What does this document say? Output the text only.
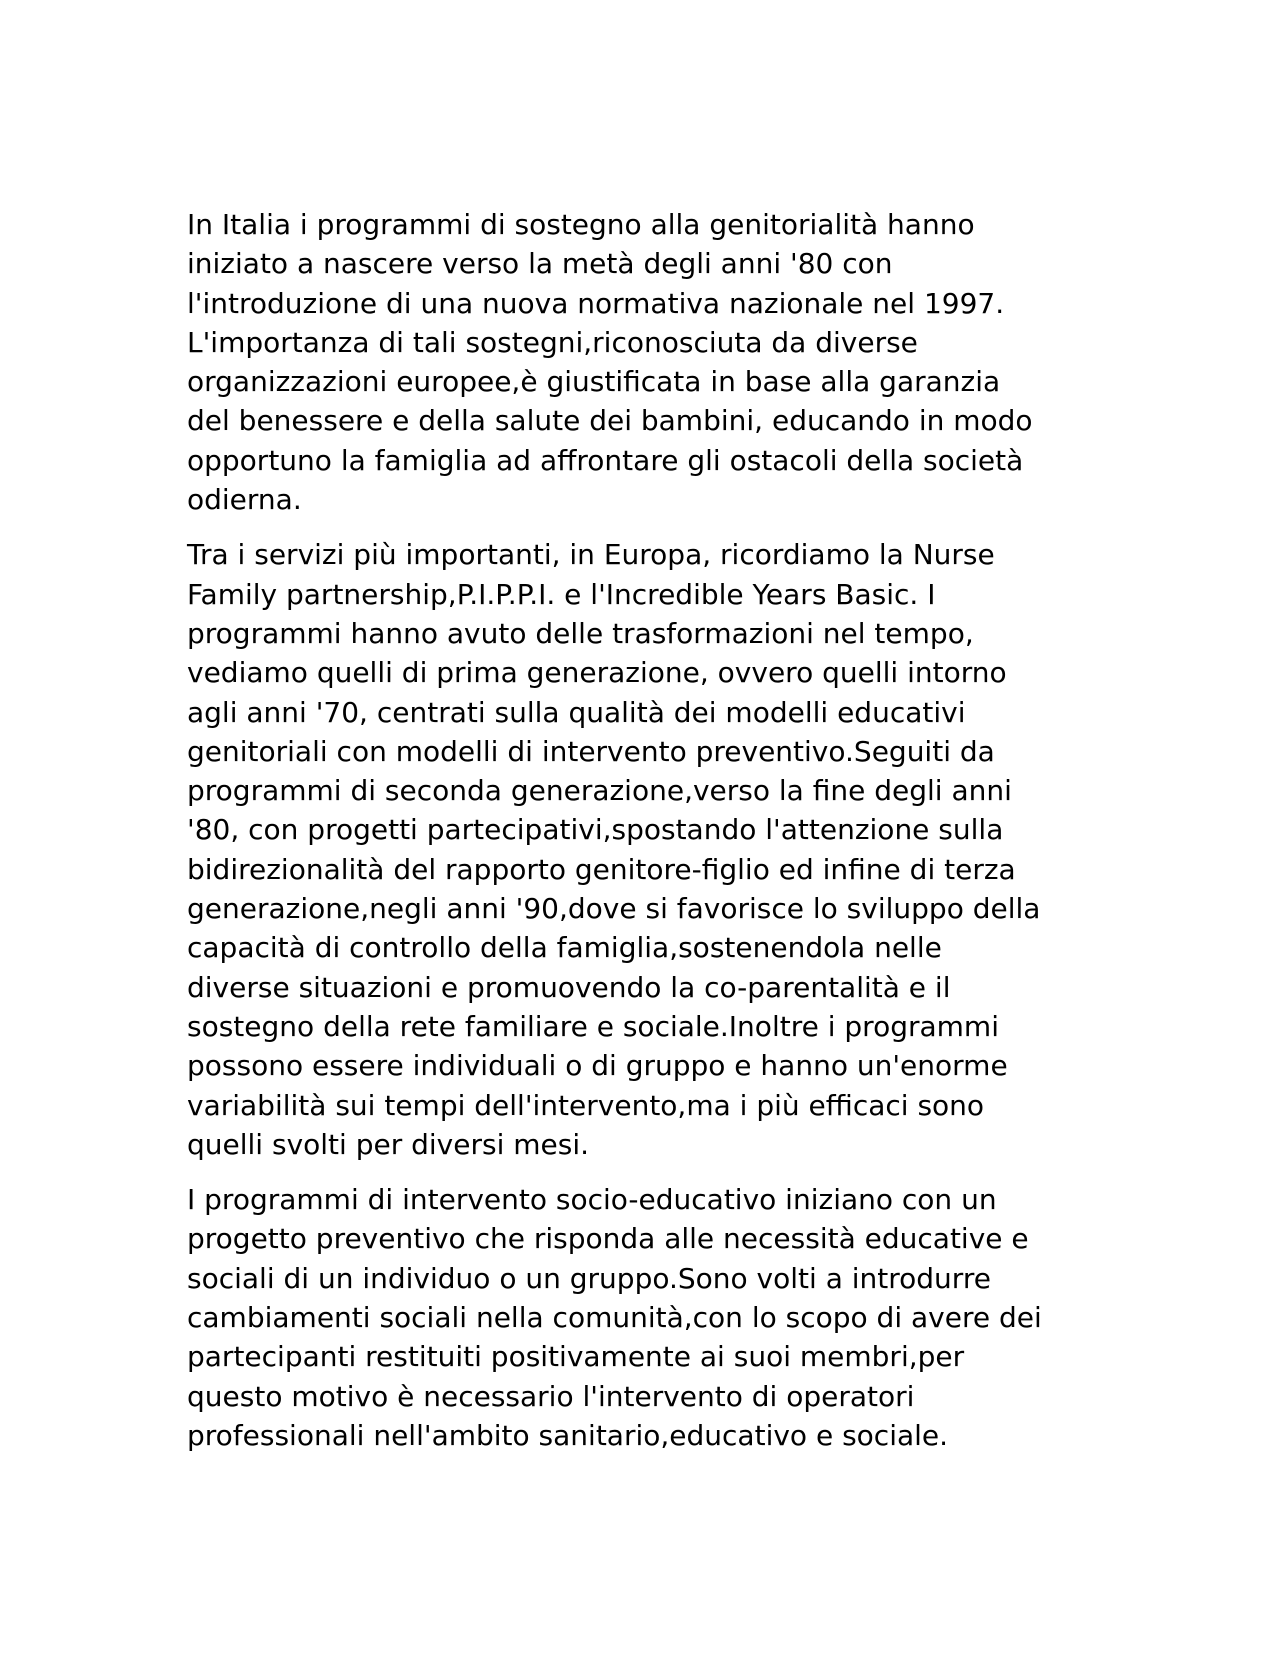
In Italia i programmi di sostegno alla genitorialità hanno
iniziato a nascere verso la metà degli anni '80 con
l'introduzione di una nuova normativa nazionale nel 1997.
L'importanza di tali sostegni,riconosciuta da diverse
organizzazioni europee,è giustificata in base alla garanzia
del benessere e della salute dei bambini, educando in modo
opportuno la famiglia ad affrontare gli ostacoli della società
odierna.

Tra i servizi più importanti, in Europa, ricordiamo la Nurse
Family partnership,P.I.P.P.I. e l'Incredible Years Basic. I
programmi hanno avuto delle trasformazioni nel tempo,
vediamo quelli di prima generazione, ovvero quelli intorno
agli anni '70, centrati sulla qualità dei modelli educativi
genitoriali con modelli di intervento preventivo.Seguiti da
programmi di seconda generazione,verso la fine degli anni
'80, con progetti partecipativi,spostando l'attenzione sulla
bidirezionalità del rapporto genitore-figlio ed infine di terza
generazione,negli anni '90,dove si favorisce lo sviluppo della
capacità di controllo della famiglia,sostenendola nelle
diverse situazioni e promuovendo la co-parentalità e il
sostegno della rete familiare e sociale.Inoltre i programmi
possono essere individuali o di gruppo e hanno un'enorme
variabilità sui tempi dell'intervento,ma i più efficaci sono
quelli svolti per diversi mesi.

I programmi di intervento socio-educativo iniziano con un
progetto preventivo che risponda alle necessità educative e
sociali di un individuo o un gruppo.Sono volti a introdurre
cambiamenti sociali nella comunità,con lo scopo di avere dei
partecipanti restituiti positivamente ai suoi membri,per
questo motivo è necessario l'intervento di operatori
professionali nell'ambito sanitario,educativo e sociale.
